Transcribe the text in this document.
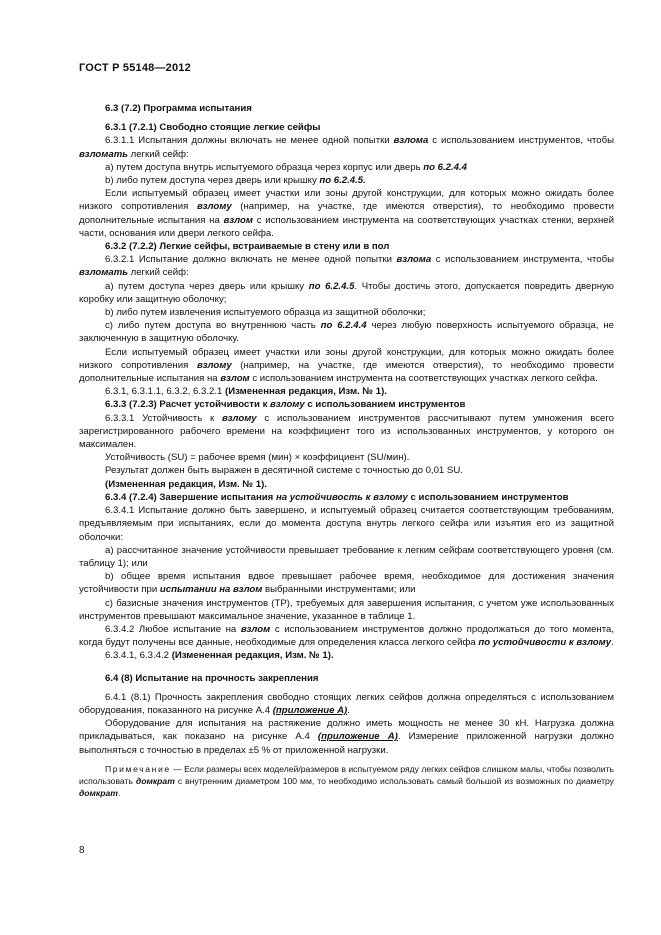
ГОСТ Р 55148—2012

6.3 (7.2) Программа испытания

6.3.1 (7.2.1) Свободно стоящие легкие сейфы

6.3.1.1 Испытания должны включать не менее одной попытки взлома с использованием инструментов, чтобы взломать легкий сейф:

a) путем доступа внутрь испытуемого образца через корпус или дверь по 6.2.4.4

b) либо путем доступа через дверь или крышку по 6.2.4.5.

Если испытуемый образец имеет участки или зоны другой конструкции, для которых можно ожидать более низкого сопротивления взлому (например, на участке, где имеются отверстия), то необходимо провести дополнительные испытания на взлом с использованием инструмента на соответствующих участках стенки, верхней части, основания или двери легкого сейфа.

6.3.2 (7.2.2) Легкие сейфы, встраиваемые в стену или в пол

6.3.2.1 Испытание должно включать не менее одной попытки взлома с использованием инструмента, чтобы взломать легкий сейф:

a) путем доступа через дверь или крышку по 6.2.4.5. Чтобы достичь этого, допускается повредить дверную коробку или защитную оболочку;

b) либо путем извлечения испытуемого образца из защитной оболочки;

c) либо путем доступа во внутреннюю часть по 6.2.4.4 через любую поверхность испытуемого образца, не заключенную в защитную оболочку.

Если испытуемый образец имеет участки или зоны другой конструкции, для которых можно ожидать более низкого сопротивления взлому (например, на участке, где имеются отверстия), то необходимо провести дополнительные испытания на взлом с использованием инструмента на соответствующих участках легкого сейфа.

6.3.1, 6.3.1.1, 6.3.2, 6.3.2.1 (Измененная редакция, Изм. № 1).

6.3.3 (7.2.3) Расчет устойчивости к взлому с использованием инструментов

6.3.3.1 Устойчивость к взлому с использованием инструментов рассчитывают путем умножения всего зарегистрированного рабочего времени на коэффициент того из использованных инструментов, у которого он максимален.

Устойчивость (SU) = рабочее время (мин) × коэффициент (SU/мин).

Результат должен быть выражен в десятичной системе с точностью до 0,01 SU.

(Измененная редакция, Изм. № 1).

6.3.4 (7.2.4) Завершение испытания на устойчивость к взлому с использованием инструментов

6.3.4.1 Испытание должно быть завершено, и испытуемый образец считается соответствующим требованиям, предъявляемым при испытаниях, если до момента доступа внутрь легкого сейфа или изъятия его из защитной оболочки:

a) рассчитанное значение устойчивости превышает требование к легким сейфам соответствующего уровня (см. таблицу 1); или

b) общее время испытания вдвое превышает рабочее время, необходимое для достижения значения устойчивости при испытании на взлом выбранными инструментами; или

c) базисные значения инструментов (ТР), требуемых для завершения испытания, с учетом уже использованных инструментов превышают максимальное значение, указанное в таблице 1.

6.3.4.2 Любое испытание на взлом с использованием инструментов должно продолжаться до того момента, когда будут получены все данные, необходимые для определения класса легкого сейфа по устойчивости к взлому.

6.3.4.1, 6.3.4.2 (Измененная редакция, Изм. № 1).

6.4 (8) Испытание на прочность закрепления

6.4.1 (8.1) Прочность закрепления свободно стоящих легких сейфов должна определяться с использованием оборудования, показанного на рисунке А.4 (приложение А).

Оборудование для испытания на растяжение должно иметь мощность не менее 30 кН. Нагрузка должна прикладываться, как показано на рисунке А.4 (приложение А). Измерение приложенной нагрузки должно выполняться с точностью в пределах ±5 % от приложенной нагрузки.

Примечание — Если размеры всех моделей/размеров в испытуемом ряду легких сейфов слишком малы, чтобы позволить использовать домкрат с внутренним диаметром 100 мм, то необходимо использовать самый большой из возможных по диаметру домкрат.

8
